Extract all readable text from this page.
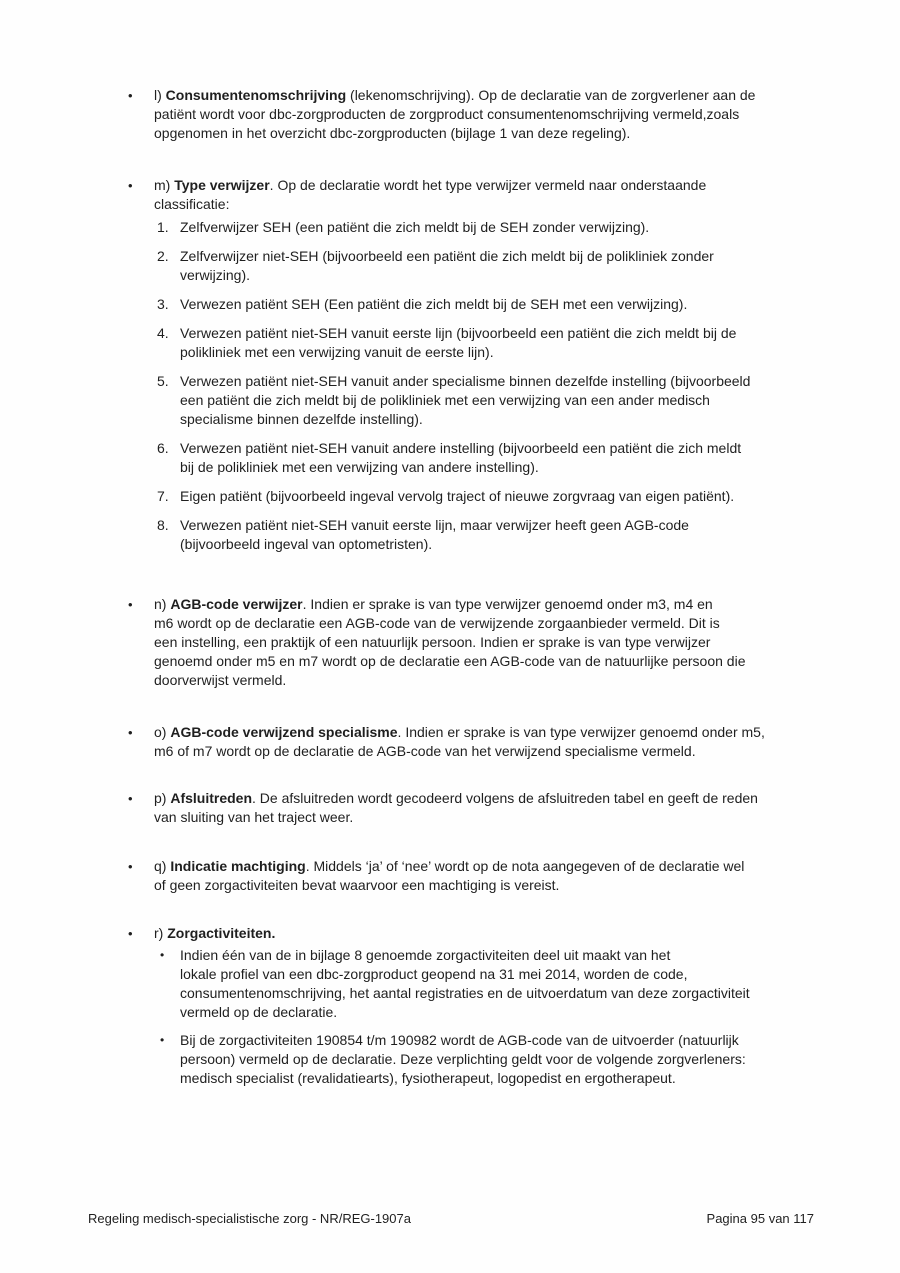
•	l) Consumentenomschrijving (lekenomschrijving). Op de declaratie van de zorgverlener aan de
patiënt wordt voor dbc-zorgproducten de zorgproduct consumentenomschrijving vermeld,zoals
opgenomen in het overzicht dbc-zorgproducten (bijlage 1 van deze regeling).

•	m) Type verwijzer. Op de declaratie wordt het type verwijzer vermeld naar onderstaande
classificatie:

1. Zelfverwijzer SEH (een patiënt die zich meldt bij de SEH zonder verwijzing).
2. Zelfverwijzer niet-SEH (bijvoorbeeld een patiënt die zich meldt bij de polikliniek zonder
verwijzing).
3. Verwezen patiënt SEH (Een patiënt die zich meldt bij de SEH met een verwijzing).
4. Verwezen patiënt niet-SEH vanuit eerste lijn (bijvoorbeeld een patiënt die zich meldt bij de
polikliniek met een verwijzing vanuit de eerste lijn).
5. Verwezen patiënt niet-SEH vanuit ander specialisme binnen dezelfde instelling (bijvoorbeeld
een patiënt die zich meldt bij de polikliniek met een verwijzing van een ander medisch
specialisme binnen dezelfde instelling).
6. Verwezen patiënt niet-SEH vanuit andere instelling (bijvoorbeeld een patiënt die zich meldt
bij de polikliniek met een verwijzing van andere instelling).
7. Eigen patiënt (bijvoorbeeld ingeval vervolg traject of nieuwe zorgvraag van eigen patiënt).
8. Verwezen patiënt niet-SEH vanuit eerste lijn, maar verwijzer heeft geen AGB-code
(bijvoorbeeld ingeval van optometristen).
•	n) AGB-code verwijzer. Indien er sprake is van type verwijzer genoemd onder m3, m4 en
m6 wordt op de declaratie een AGB-code van de verwijzende zorgaanbieder vermeld. Dit is
een instelling, een praktijk of een natuurlijk persoon. Indien er sprake is van type verwijzer
genoemd onder m5 en m7 wordt op de declaratie een AGB-code van de natuurlijke persoon die
doorverwijst vermeld.

•	o) AGB-code verwijzend specialisme. Indien er sprake is van type verwijzer genoemd onder m5,
m6 of m7 wordt op de declaratie de AGB-code van het verwijzend specialisme vermeld.

•	p) Afsluitreden. De afsluitreden wordt gecodeerd volgens de afsluitreden tabel en geeft de reden
van sluiting van het traject weer.

•	q) Indicatie machtiging. Middels ‘ja’ of ‘nee’ wordt op de nota aangegeven of de declaratie wel
of geen zorgactiviteiten bevat waarvoor een machtiging is vereist.

•	r) Zorgactiviteiten.

•	Indien één van de in bijlage 8 genoemde zorgactiviteiten deel uit maakt van het
lokale profiel van een dbc-zorgproduct geopend na 31 mei 2014, worden de code,
consumentenomschrijving, het aantal registraties en de uitvoerdatum van deze zorgactiviteit
vermeld op de declaratie.
•	Bij de zorgactiviteiten 190854 t/m 190982 wordt de AGB-code van de uitvoerder (natuurlijk
persoon) vermeld op de declaratie. Deze verplichting geldt voor de volgende zorgverleners:
medisch specialist (revalidatiearts), fysiotherapeut, logopedist en ergotherapeut.
Regeling medisch-specialistische zorg - NR/REG-1907a	Pagina 95 van 117
